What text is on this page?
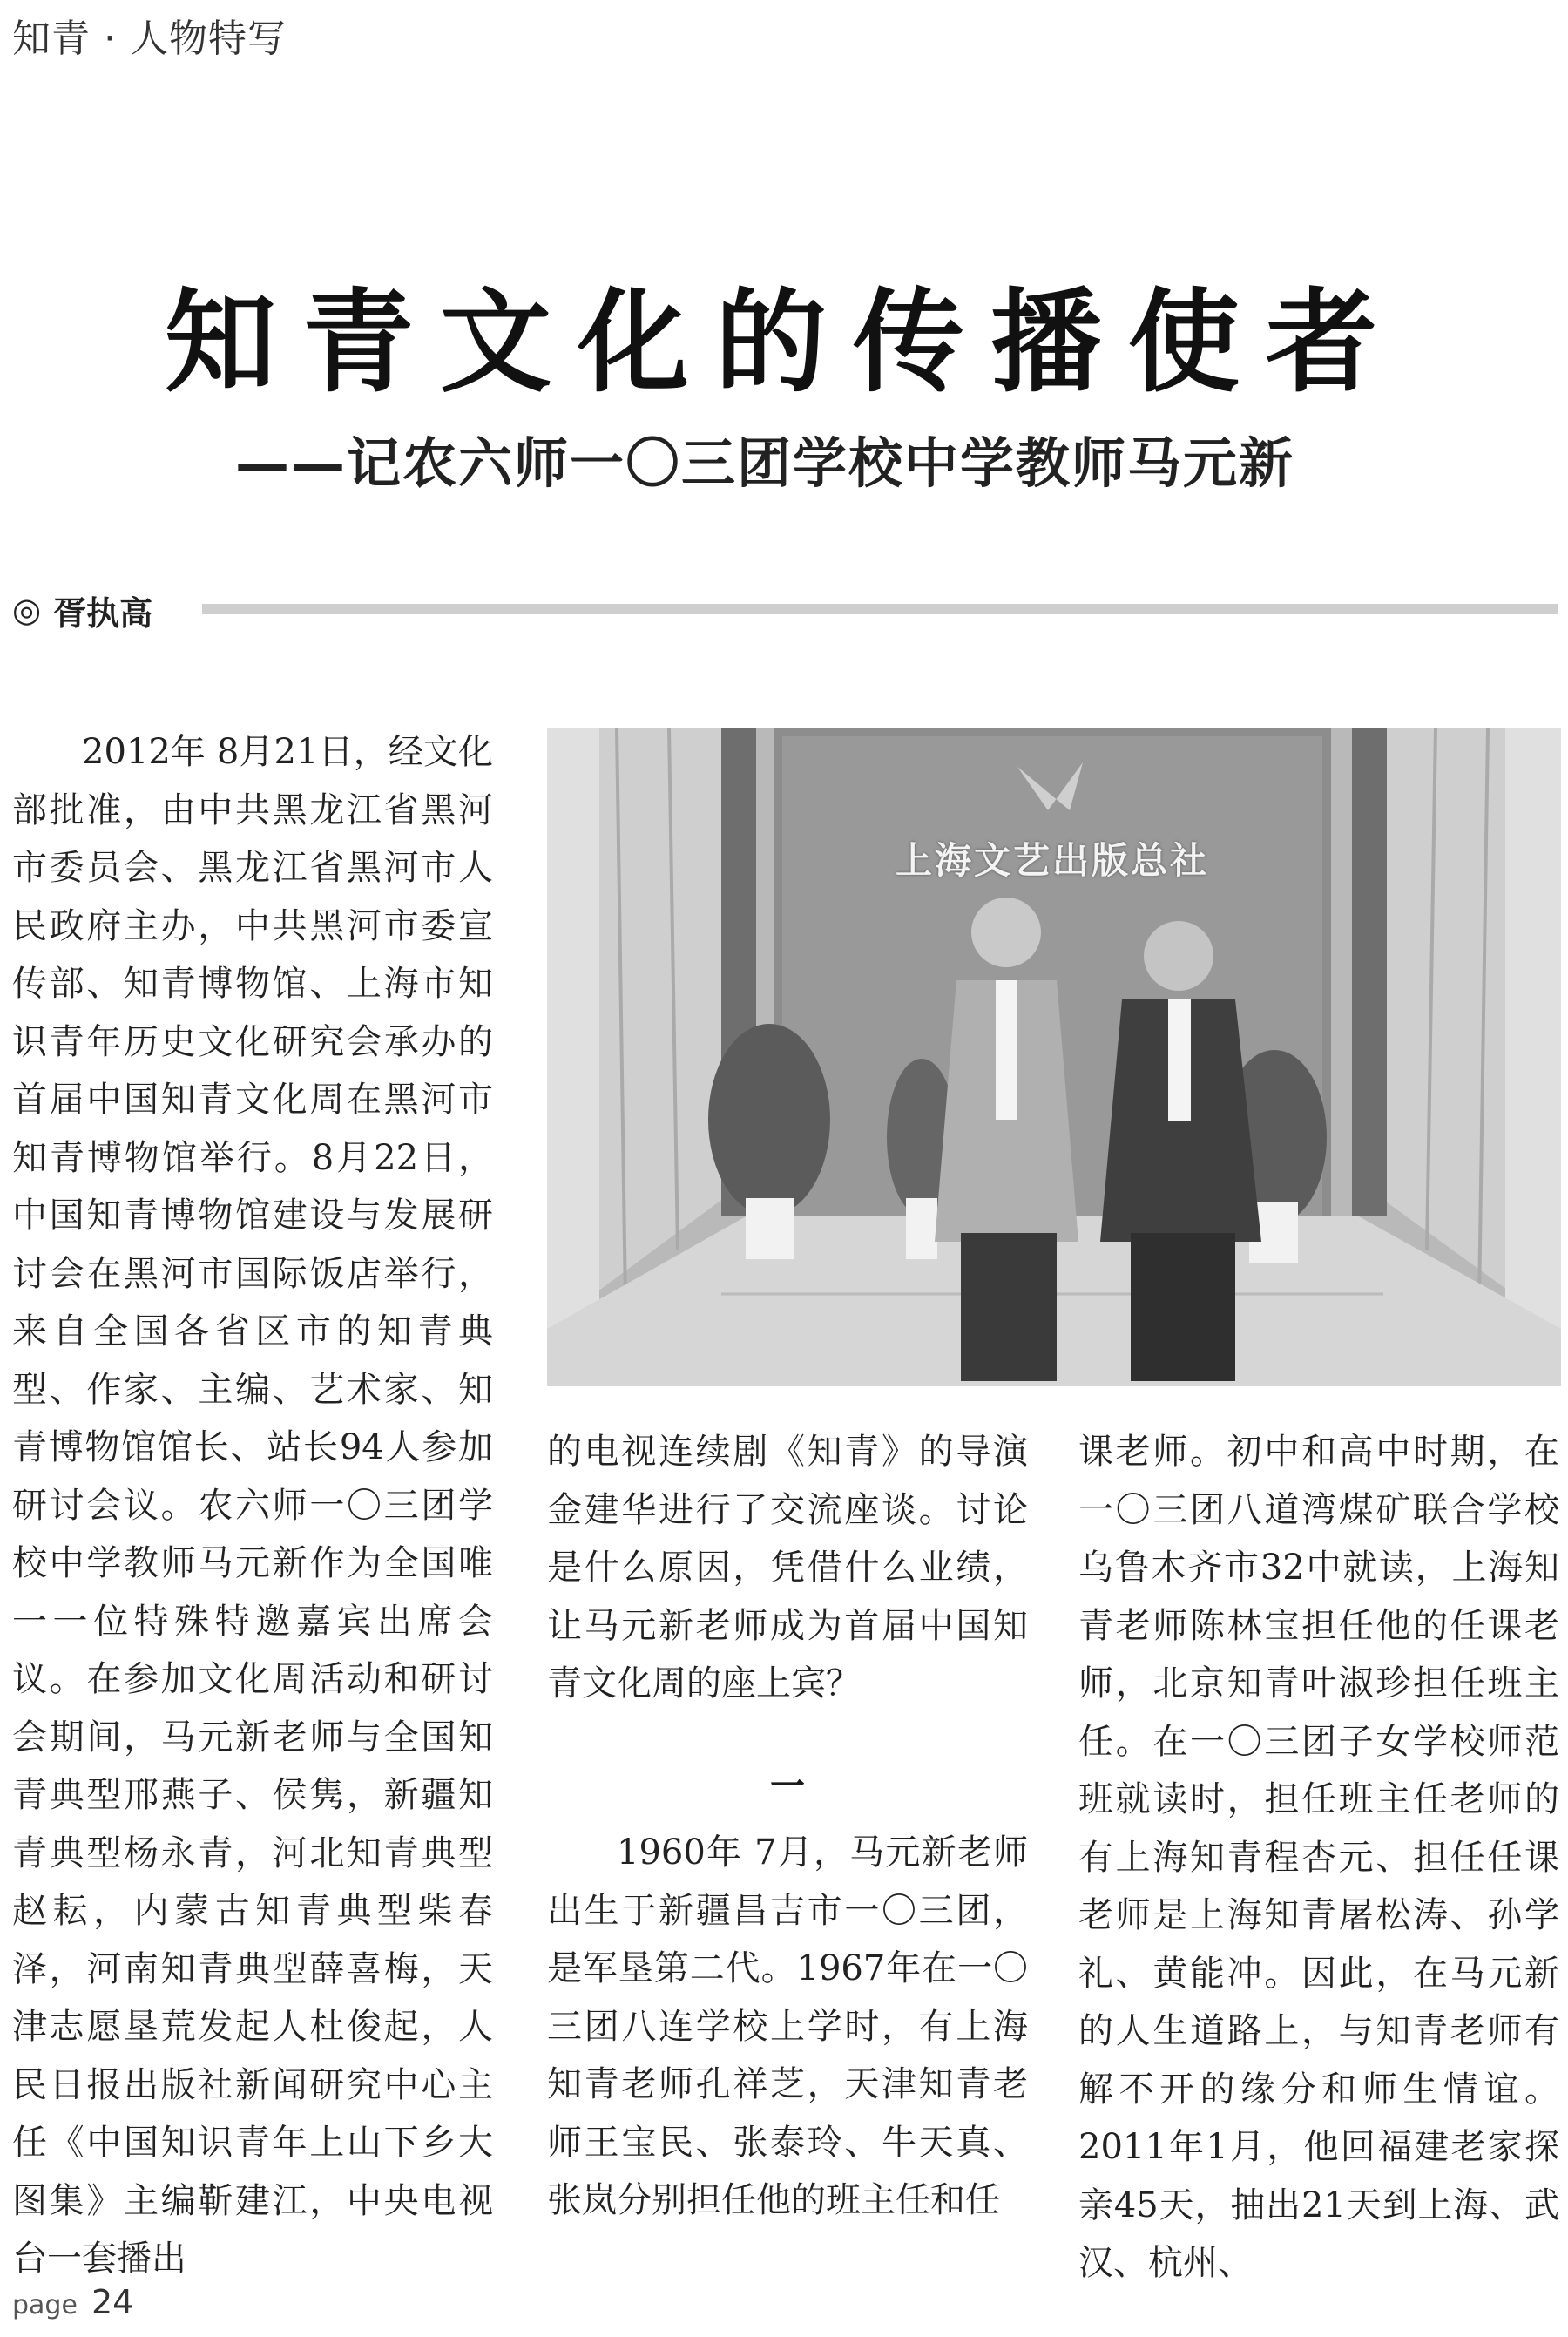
知青 · 人物特写
知青文化的传播使者
——记农六师一〇三团学校中学教师马元新
◎ 胥执高

2012年 8月21日，经文化部批准，由中共黑龙江省黑河市委员会、黑龙江省黑河市人民政府主办，中共黑河市委宣传部、知青博物馆、上海市知识青年历史文化研究会承办的首届中国知青文化周在黑河市知青博物馆举行。8月22日，中国知青博物馆建设与发展研讨会在黑河市国际饭店举行，来自全国各省区市的知青典型、作家、主编、艺术家、知青博物馆馆长、站长94人参加研讨会议。农六师一〇三团学校中学教师马元新作为全国唯一一位特殊特邀嘉宾出席会议。在参加文化周活动和研讨会期间，马元新老师与全国知青典型邢燕子、侯隽，新疆知青典型杨永青，河北知青典型赵耘，内蒙古知青典型柴春泽，河南知青典型薛喜梅，天津志愿垦荒发起人杜俊起，人民日报出版社新闻研究中心主任《中国知识青年上山下乡大图集》主编靳建江，中央电视台一套播出

上海文艺出版总社

的电视连续剧《知青》的导演金建华进行了交流座谈。讨论是什么原因，凭借什么业绩，让马元新老师成为首届中国知青文化周的座上宾？

一

1960年 7月，马元新老师出生于新疆昌吉市一〇三团，是军垦第二代。1967年在一〇三团八连学校上学时，有上海知青老师孔祥芝，天津知青老师王宝民、张泰玲、牛天真、张岚分别担任他的班主任和任

课老师。初中和高中时期，在一〇三团八道湾煤矿联合学校乌鲁木齐市32中就读，上海知青老师陈林宝担任他的任课老师，北京知青叶淑珍担任班主任。在一〇三团子女学校师范班就读时，担任班主任老师的有上海知青程杏元、担任任课老师是上海知青屠松涛、孙学礼、黄能冲。因此，在马元新的人生道路上，与知青老师有解不开的缘分和师生情谊。2011年1月，他回福建老家探亲45天，抽出21天到上海、武汉、杭州、

page 24
